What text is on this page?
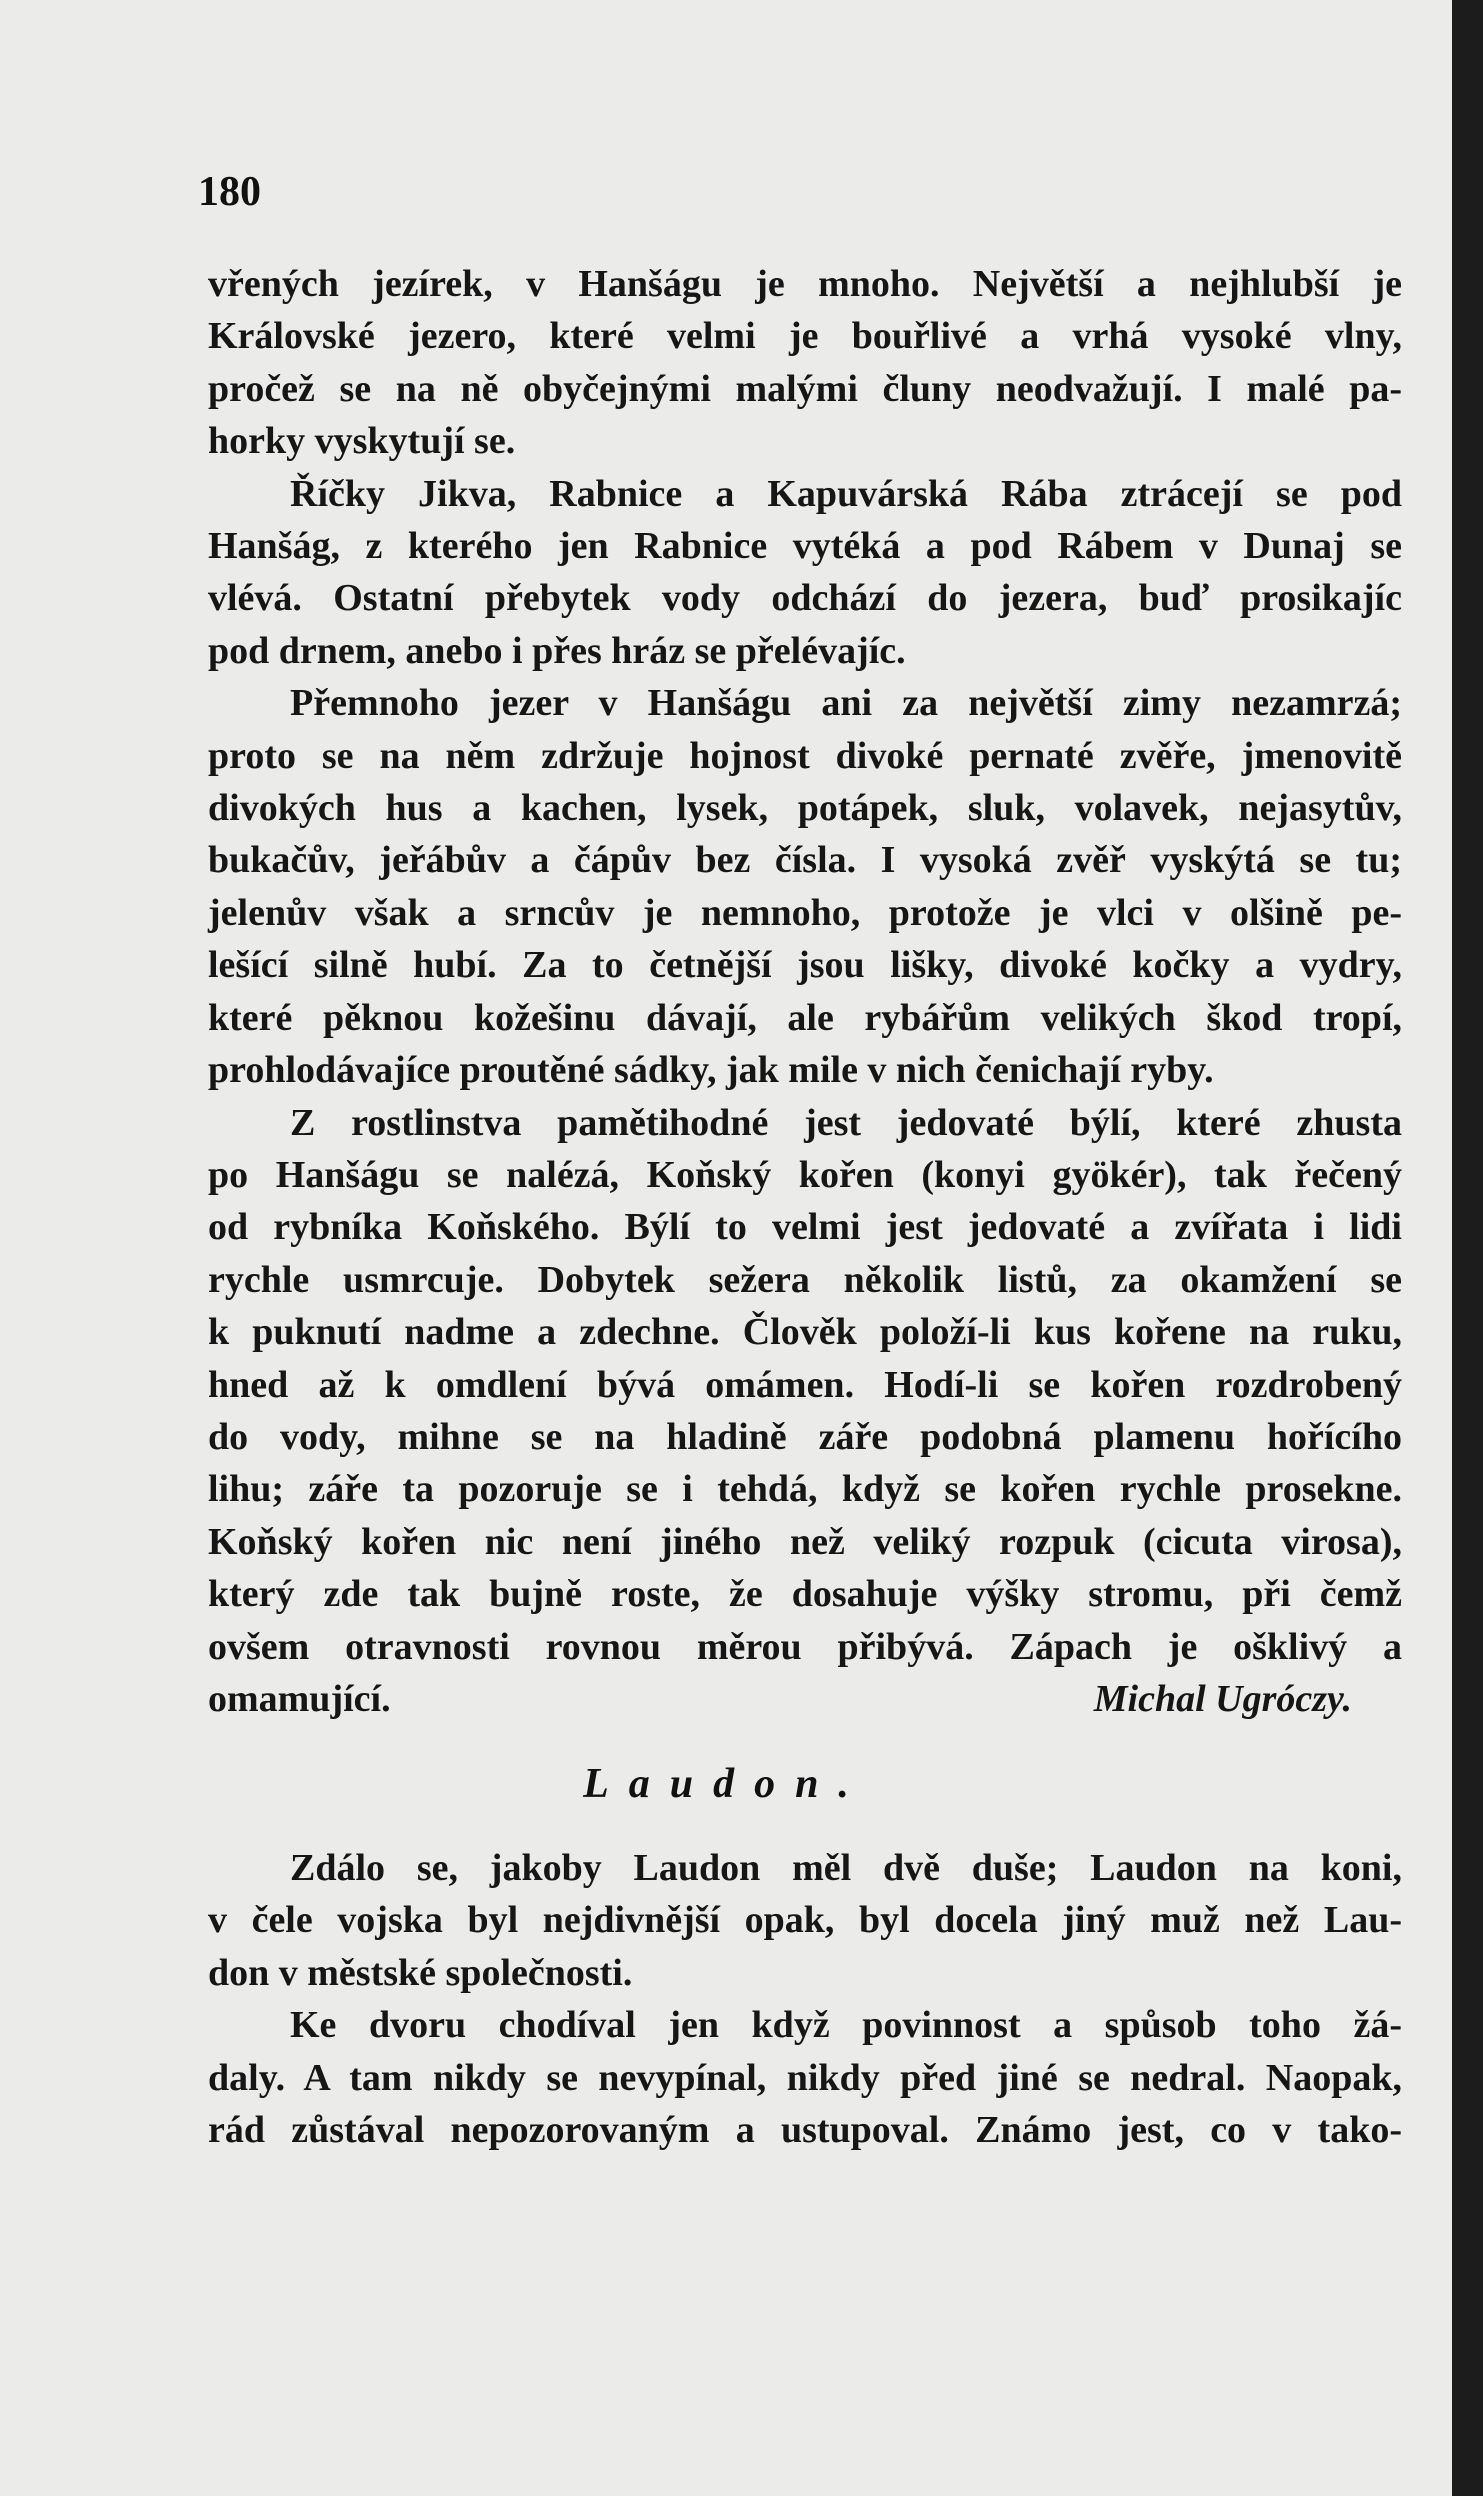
180

vřených jezírek, v Hanšágu je mnoho. Největší a nejhlubší je
Královské jezero, které velmi je bouřlivé a vrhá vysoké vlny,
pročež se na ně obyčejnými malými čluny neodvažují. I malé pa-
horky vyskytují se.

Říčky Jikva, Rabnice a Kapuvárská Rába ztrácejí se pod
Hanšág, z kterého jen Rabnice vytéká a pod Rábem v Dunaj se
vlévá. Ostatní přebytek vody odchází do jezera, buď prosikajíc
pod drnem, anebo i přes hráz se přelévajíc.

Přemnoho jezer v Hanšágu ani za největší zimy nezamrzá;
proto se na něm zdržuje hojnost divoké pernaté zvěře, jmenovitě
divokých hus a kachen, lysek, potápek, sluk, volavek, nejasytův,
bukačův, jeřábův a čápův bez čísla. I vysoká zvěř vyskýtá se tu;
jelenův však a srncův je nemnoho, protože je vlci v olšině pe-
lešící silně hubí. Za to četnější jsou lišky, divoké kočky a vydry,
které pěknou kožešinu dávají, ale rybářům velikých škod tropí,
prohlodávajíce proutěné sádky, jak mile v nich čenichají ryby.

Z rostlinstva pamětihodné jest jedovaté býlí, které zhusta
po Hanšágu se nalézá, Koňský kořen (konyi gyökér), tak řečený
od rybníka Koňského. Býlí to velmi jest jedovaté a zvířata i lidi
rychle usmrcuje. Dobytek sežera několik listů, za okamžení se
k puknutí nadme a zdechne. Člověk položí-li kus kořene na ruku,
hned až k omdlení bývá omámen. Hodí-li se kořen rozdrobený
do vody, mihne se na hladině záře podobná plamenu hořícího
lihu; záře ta pozoruje se i tehdá, když se kořen rychle prosekne.
Koňský kořen nic není jiného než veliký rozpuk (cicuta virosa),
který zde tak bujně roste, že dosahuje výšky stromu, při čemž
ovšem otravnosti rovnou měrou přibývá. Zápach je ošklivý a
omamující.	Michal Ugróczy.

Laudon.

Zdálo se, jakoby Laudon měl dvě duše; Laudon na koni,
v čele vojska byl nejdivnější opak, byl docela jiný muž než Lau-
don v městské společnosti.

Ke dvoru chodíval jen když povinnost a spůsob toho žá-
daly. A tam nikdy se nevypínal, nikdy před jiné se nedral. Naopak,
rád zůstával nepozorovaným a ustupoval. Známo jest, co v tako-
